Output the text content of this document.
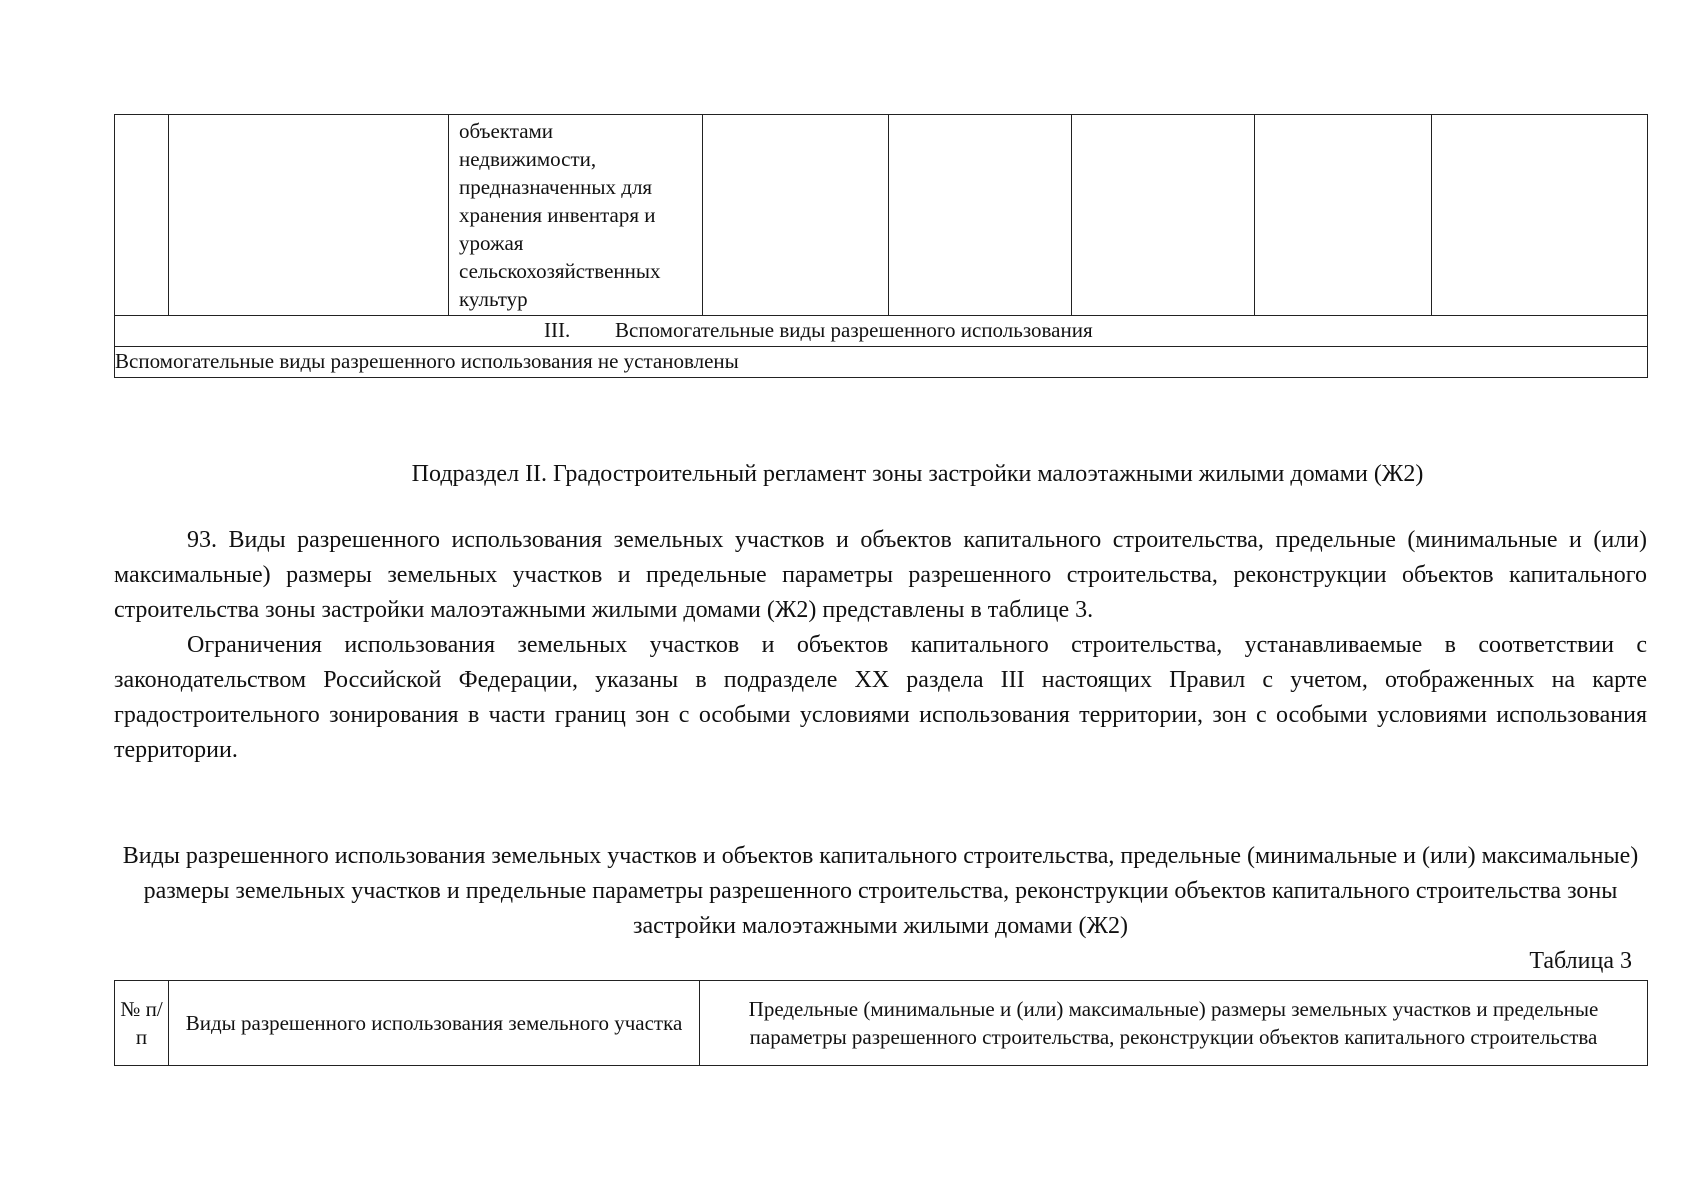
		объектами недвижимости, предназначенных для хранения инвентаря и урожая сельскохозяйственных культур					

III. Вспомогательные виды разрешенного использования

Вспомогательные виды разрешенного использования не установлены
Подраздел II. Градостроительный регламент зоны застройки малоэтажными жилыми домами (Ж2)

93. Виды разрешенного использования земельных участков и объектов капитального строительства, предельные (минимальные и (или) максимальные) размеры земельных участков и предельные параметры разрешенного строительства, реконструкции объектов капитального строительства зоны застройки малоэтажными жилыми домами (Ж2) представлены в таблице 3.

Ограничения использования земельных участков и объектов капитального строительства, устанавливаемые в соответствии с законодательством Российской Федерации, указаны в подразделе XX раздела III настоящих Правил с учетом, отображенных на карте градостроительного зонирования в части границ зон с особыми условиями использования территории, зон с особыми условиями использования территории.

Виды разрешенного использования земельных участков и объектов капитального строительства, предельные (минимальные и (или) максимальные) размеры земельных участков и предельные параметры разрешенного строительства, реконструкции объектов капитального строительства зоны застройки малоэтажными жилыми домами (Ж2)
Таблица 3
№ п/п	Виды разрешенного использования земельного участка	Предельные (минимальные и (или) максимальные) размеры земельных участков и предельные параметры разрешенного строительства, реконструкции объектов капитального строительства
